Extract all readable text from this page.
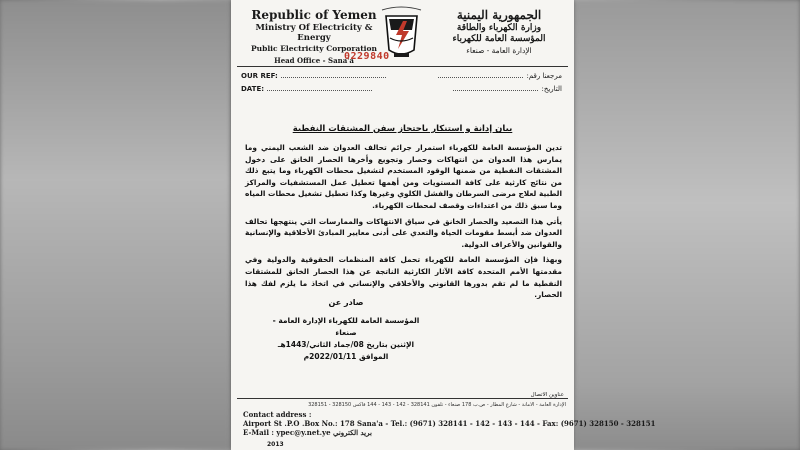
Republic of Yemen
Ministry Of Electricity & Energy
Public Electricity Corporation
Head Office - Sana'a
0229840
الجمهورية اليمنية
وزارة الكهرباء والطاقة
المؤسسة العامة للكهرباء
الإدارة العامة - صنعاء
OUR REF:
DATE:
مرجعنا رقم:
التاريخ:
بيان إدانة و استنكار باحتجاز سفن المشتقات النفطية

تدين المؤسسة العامة للكهرباء استمرار جرائم تحالف العدوان ضد الشعب اليمني وما يمارس هذا العدوان من انتهاكات وحصار وتجويع وأخرها الحصار الخانق على دخول المشتقات النفطية من ضمنها الوقود المستخدم لتشغيل محطات الكهرباء وما يتبع ذلك من نتائج كارثية على كافة المستويات ومن أهمها تعطيل عمل المستشفيات والمراكز الطبية لعلاج مرضى السرطان والفشل الكلوي وغيرها وكذا تعطيل تشغيل محطات المياه وما سبق ذلك من اعتداءات وقصف لمحطات الكهرباء.

يأتي هذا التصعيد والحصار الخانق في سياق الانتهاكات والممارسات التي ينتهجها تحالف العدوان ضد أبسط مقومات الحياة والتعدي على أدنى معايير المبادئ الأخلاقية والإنسانية والقوانين والأعراف الدولية.

وبهذا فإن المؤسسة العامة للكهرباء تحمل كافة المنظمات الحقوقية والدولية وفي مقدمتها الأمم المتحدة كافة الآثار الكارثية الناتجة عن هذا الحصار الخانق للمشتقات النفطية ما لم تقم بدورها القانوني والأخلاقي والإنساني في اتخاذ ما يلزم لفك هذا الحصار.

صادر عن
المؤسسة العامة للكهرباء الإدارة العامة - صنعاء
الإثنين بتاريخ 08/جماد الثاني/1443هـ
الموافق 2022/01/11م
عناوين الاتصال
الإدارة العامة - الامانة - شارع المطار - ص.ب 178 صنعاء - تلفون 328141 - 142 - 143 - 144 فاكس 328150 - 328151
Contact address :
Airport St .P.O .Box No.: 178 Sana'a - Tel.: (9671) 328141 - 142 - 143 - 144 - Fax: (9671) 328150 - 328151
E-Mail : ypec@y.net.ye بريد الكتروني
2013
